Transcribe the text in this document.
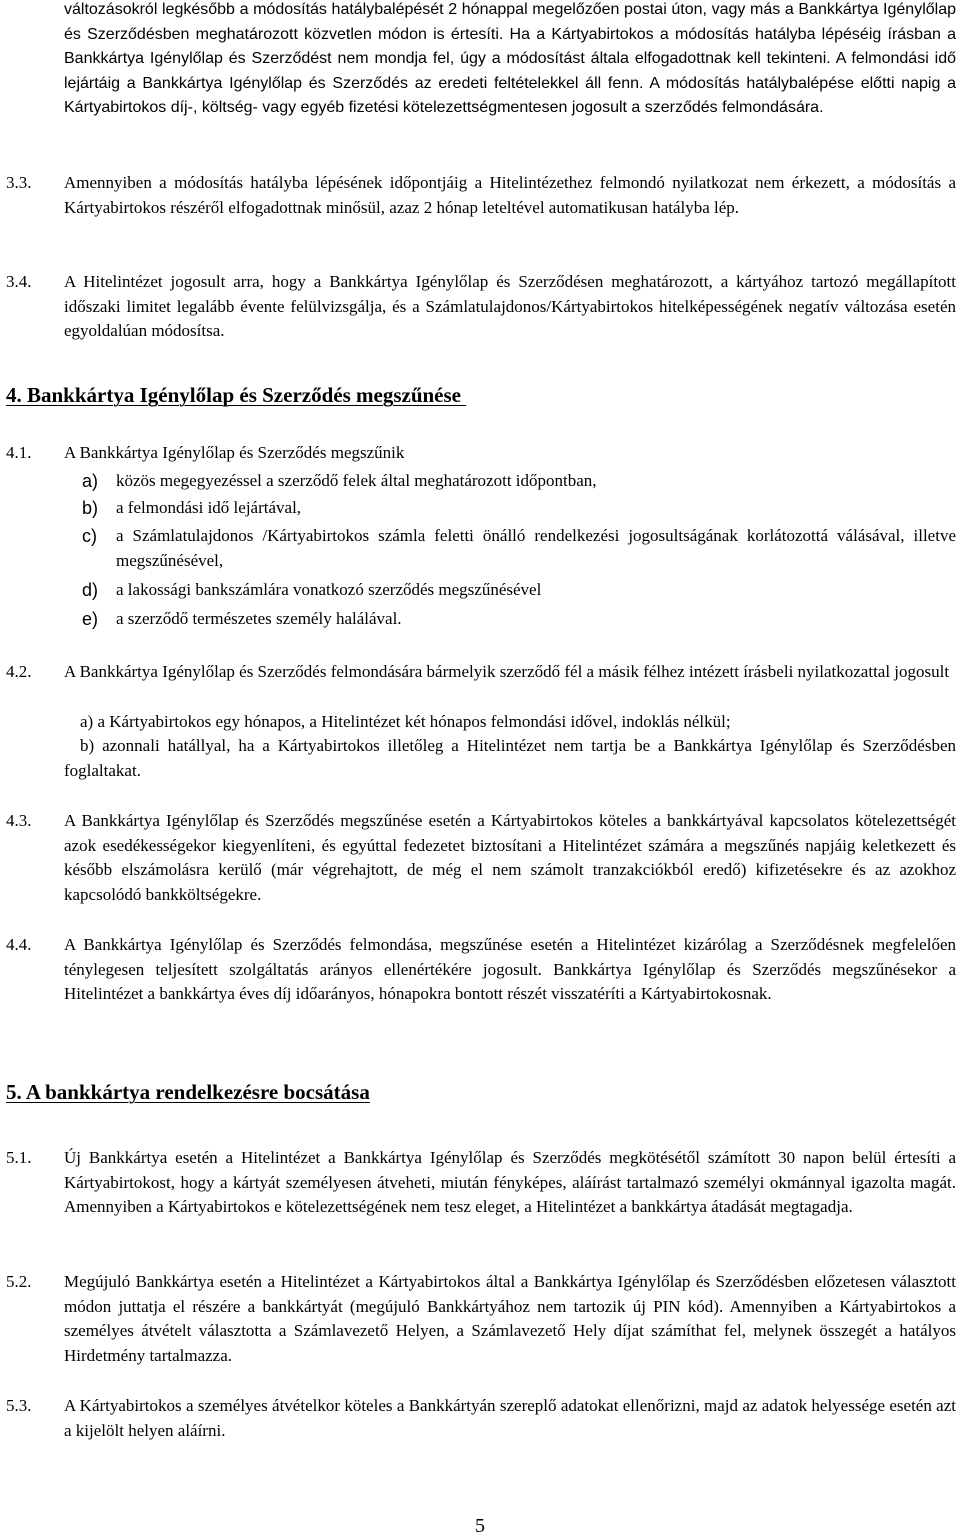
változásokról legkésőbb a módosítás hatálybalépését 2 hónappal megelőzően postai úton, vagy más a Bankkártya Igénylőlap és Szerződésben meghatározott közvetlen módon is értesíti. Ha a Kártyabirtokos a módosítás hatályba lépéséig írásban a Bankkártya Igénylőlap és Szerződést nem mondja fel, úgy a módosítást általa elfogadottnak kell tekinteni. A felmondási idő lejártáig a Bankkártya Igénylőlap és Szerződés az eredeti feltételekkel áll fenn. A módosítás hatálybalépése előtti napig a Kártyabirtokos díj-, költség- vagy egyéb fizetési kötelezettségmentesen jogosult a szerződés felmondására.
3.3. Amennyiben a módosítás hatályba lépésének időpontjáig a Hitelintézethez felmondó nyilatkozat nem érkezett, a módosítás a Kártyabirtokos részéről elfogadottnak minősül, azaz 2 hónap leteltével automatikusan hatályba lép.
3.4. A Hitelintézet jogosult arra, hogy a Bankkártya Igénylőlap és Szerződésen meghatározott, a kártyához tartozó megállapított időszaki limitet legalább évente felülvizsgálja, és a Számlatulajdonos/Kártyabirtokos hitelképességének negatív változása esetén egyoldalúan módosítsa.
4. Bankkártya Igénylőlap és Szerződés megszűnése
4.1. A Bankkártya Igénylőlap és Szerződés megszűnik
a) közös megegyezéssel a szerződő felek által meghatározott időpontban,
b) a felmondási idő lejártával,
c) a Számlatulajdonos /Kártyabirtokos számla feletti önálló rendelkezési jogosultságának korlátozottá válásával, illetve megszűnésével,
d) a lakossági bankszámlára vonatkozó szerződés megszűnésével
e) a szerződő természetes személy halálával.
4.2. A Bankkártya Igénylőlap és Szerződés felmondására bármelyik szerződő fél a másik félhez intézett írásbeli nyilatkozattal jogosult
a) a Kártyabirtokos egy hónapos, a Hitelintézet két hónapos felmondási idővel, indoklás nélkül;
b) azonnali hatállyal, ha a Kártyabirtokos illetőleg a Hitelintézet nem tartja be a Bankkártya Igénylőlap és Szerződésben foglaltakat.
4.3. A Bankkártya Igénylőlap és Szerződés megszűnése esetén a Kártyabirtokos köteles a bankkártyával kapcsolatos kötelezettségét azok esedékességekor kiegyenlíteni, és egyúttal fedezetet biztosítani a Hitelintézet számára a megszűnés napjáig keletkezett és később elszámolásra kerülő (már végrehajtott, de még el nem számolt tranzakciókból eredő) kifizetésekre és az azokhoz kapcsolódó bankköltségekre.
4.4. A Bankkártya Igénylőlap és Szerződés felmondása, megszűnése esetén a Hitelintézet kizárólag a Szerződésnek megfelelően ténylegesen teljesített szolgáltatás arányos ellenértékére jogosult. Bankkártya Igénylőlap és Szerződés megszűnésekor a Hitelintézet a bankkártya éves díj időarányos, hónapokra bontott részét visszatéríti a Kártyabirtokosnak.
5. A bankkártya rendelkezésre bocsátása
5.1. Új Bankkártya esetén a Hitelintézet a Bankkártya Igénylőlap és Szerződés megkötésétől számított 30 napon belül értesíti a Kártyabirtokost, hogy a kártyát személyesen átveheti, miután fényképes, aláírást tartalmazó személyi okmánnyal igazolta magát. Amennyiben a Kártyabirtokos e kötelezettségének nem tesz eleget, a Hitelintézet a bankkártya átadását megtagadja.
5.2. Megújuló Bankkártya esetén a Hitelintézet a Kártyabirtokos által a Bankkártya Igénylőlap és Szerződésben előzetesen választott módon juttatja el részére a bankkártyát (megújuló Bankkártyához nem tartozik új PIN kód). Amennyiben a Kártyabirtokos a személyes átvételt választotta a Számlavezető Helyen, a Számlavezető Hely díjat számíthat fel, melynek összegét a hatályos Hirdetmény tartalmazza.
5.3. A Kártyabirtokos a személyes átvételkor köteles a Bankkártyán szereplő adatokat ellenőrizni, majd az adatok helyessége esetén azt a kijelölt helyen aláírni.
5
